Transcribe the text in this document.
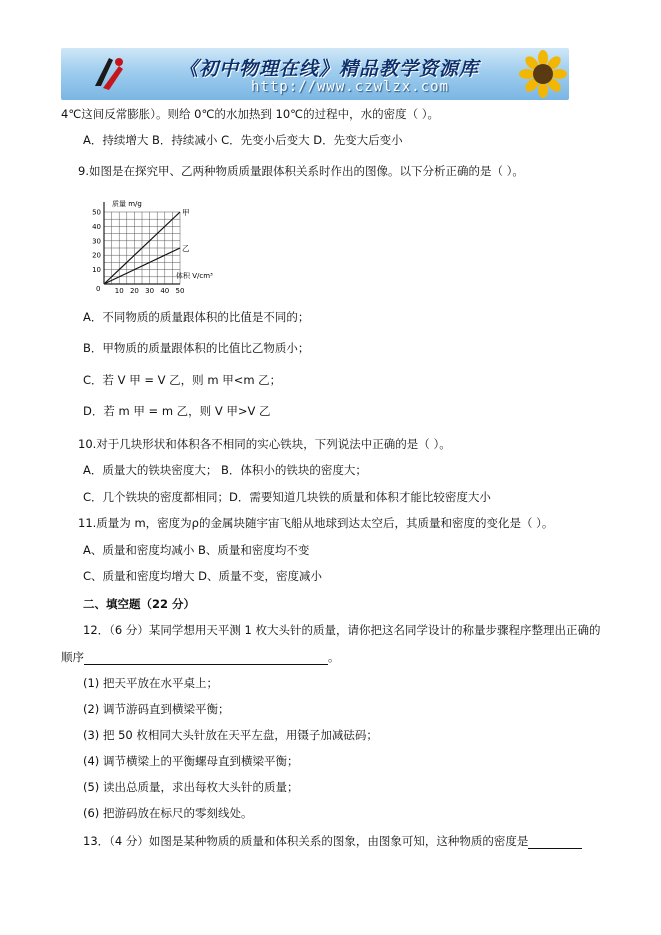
《初中物理在线》精品教学资源库
http://www.czwlzx.com
4℃这间反常膨胀）。则给 0℃的水加热到 10℃的过程中，水的密度（ ）。
A．持续增大 B．持续减小 C．先变小后变大 D．先变大后变小
9.如图是在探究甲、乙两种物质质量跟体积关系时作出的图像。以下分析正确的是（ ）。
甲
乙
10 20 30 40 50
10
20
30
40
50
质量 m/g
体积 V/cm³
0
A．不同物质的质量跟体积的比值是不同的；
B．甲物质的质量跟体积的比值比乙物质小；
C．若 V 甲 = V 乙，则 m 甲<m 乙；
D．若 m 甲 = m 乙，则 V 甲>V 乙
10.对于几块形状和体积各不相同的实心铁块，下列说法中正确的是（ ）。
A．质量大的铁块密度大； B．体积小的铁块的密度大；
C．几个铁块的密度都相同；D．需要知道几块铁的质量和体积才能比较密度大小
11.质量为 m，密度为ρ的金属块随宇宙飞船从地球到达太空后，其质量和密度的变化是（ ）。
A、质量和密度均减小 B、质量和密度均不变
C、质量和密度均增大 D、质量不变，密度减小
二、填空题（22 分）
12．（6 分）某同学想用天平测 1 枚大头针的质量，请你把这名同学设计的称量步骤程序整理出正确的
顺序	。
(1) 把天平放在水平桌上；
(2) 调节游码直到横梁平衡；
(3) 把 50 枚相同大头针放在天平左盘，用镊子加减砝码；
(4) 调节横梁上的平衡螺母直到横梁平衡；
(5) 读出总质量，求出每枚大头针的质量；
(6) 把游码放在标尺的零刻线处。
13．（4 分）如图是某种物质的质量和体积关系的图象，由图象可知，这种物质的密度是
